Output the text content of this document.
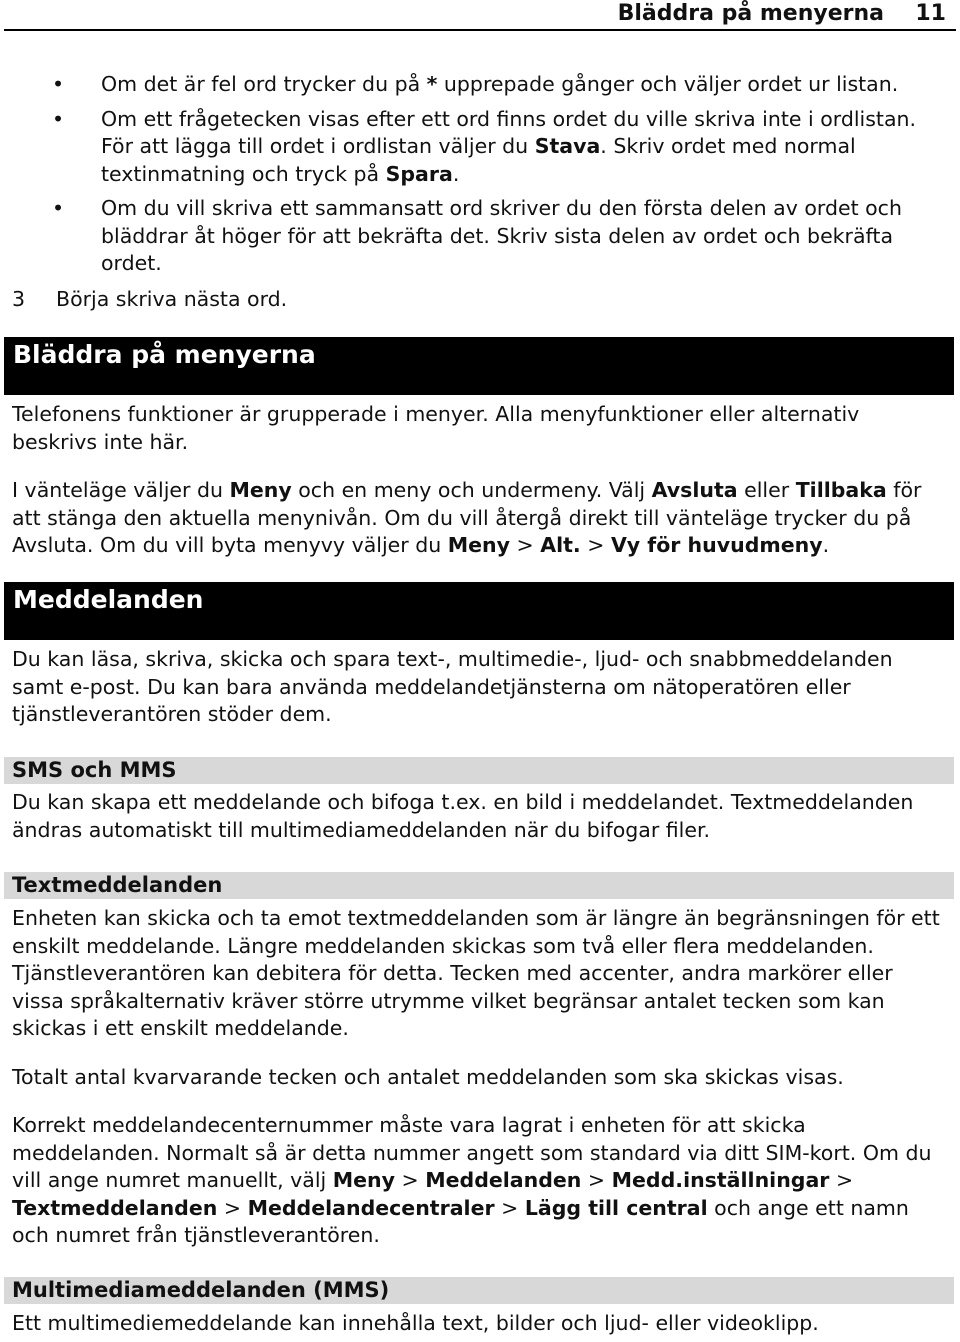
Bläddra på menyerna 11
• Om det är fel ord trycker du på * upprepade gånger och väljer ordet ur listan.
• Om ett frågetecken visas efter ett ord finns ordet du ville skriva inte i ordlistan. För att lägga till ordet i ordlistan väljer du Stava. Skriv ordet med normal textinmatning och tryck på Spara.
• Om du vill skriva ett sammansatt ord skriver du den första delen av ordet och bläddrar åt höger för att bekräfta det. Skriv sista delen av ordet och bekräfta ordet.
3 Börja skriva nästa ord.
Bläddra på menyerna

Telefonens funktioner är grupperade i menyer. Alla menyfunktioner eller alternativ beskrivs inte här.

I vänteläge väljer du Meny och en meny och undermeny. Välj Avsluta eller Tillbaka för att stänga den aktuella menynivån. Om du vill återgå direkt till vänteläge trycker du på Avsluta. Om du vill byta menyvy väljer du Meny > Alt. > Vy för huvudmeny.

Meddelanden

Du kan läsa, skriva, skicka och spara text-, multimedie-, ljud- och snabbmeddelanden samt e-post. Du kan bara använda meddelandetjänsterna om nätoperatören eller tjänstleverantören stöder dem.

SMS och MMS

Du kan skapa ett meddelande och bifoga t.ex. en bild i meddelandet. Textmeddelanden ändras automatiskt till multimediameddelanden när du bifogar filer.

Textmeddelanden

Enheten kan skicka och ta emot textmeddelanden som är längre än begränsningen för ett enskilt meddelande. Längre meddelanden skickas som två eller flera meddelanden. Tjänstleverantören kan debitera för detta. Tecken med accenter, andra markörer eller vissa språkalternativ kräver större utrymme vilket begränsar antalet tecken som kan skickas i ett enskilt meddelande.

Totalt antal kvarvarande tecken och antalet meddelanden som ska skickas visas.

Korrekt meddelandecenternummer måste vara lagrat i enheten för att skicka meddelanden. Normalt så är detta nummer angett som standard via ditt SIM-kort. Om du vill ange numret manuellt, välj Meny > Meddelanden > Medd.inställningar > Textmeddelanden > Meddelandecentraler > Lägg till central och ange ett namn och numret från tjänstleverantören.

Multimediameddelanden (MMS)

Ett multimediemeddelande kan innehålla text, bilder och ljud- eller videoklipp.
